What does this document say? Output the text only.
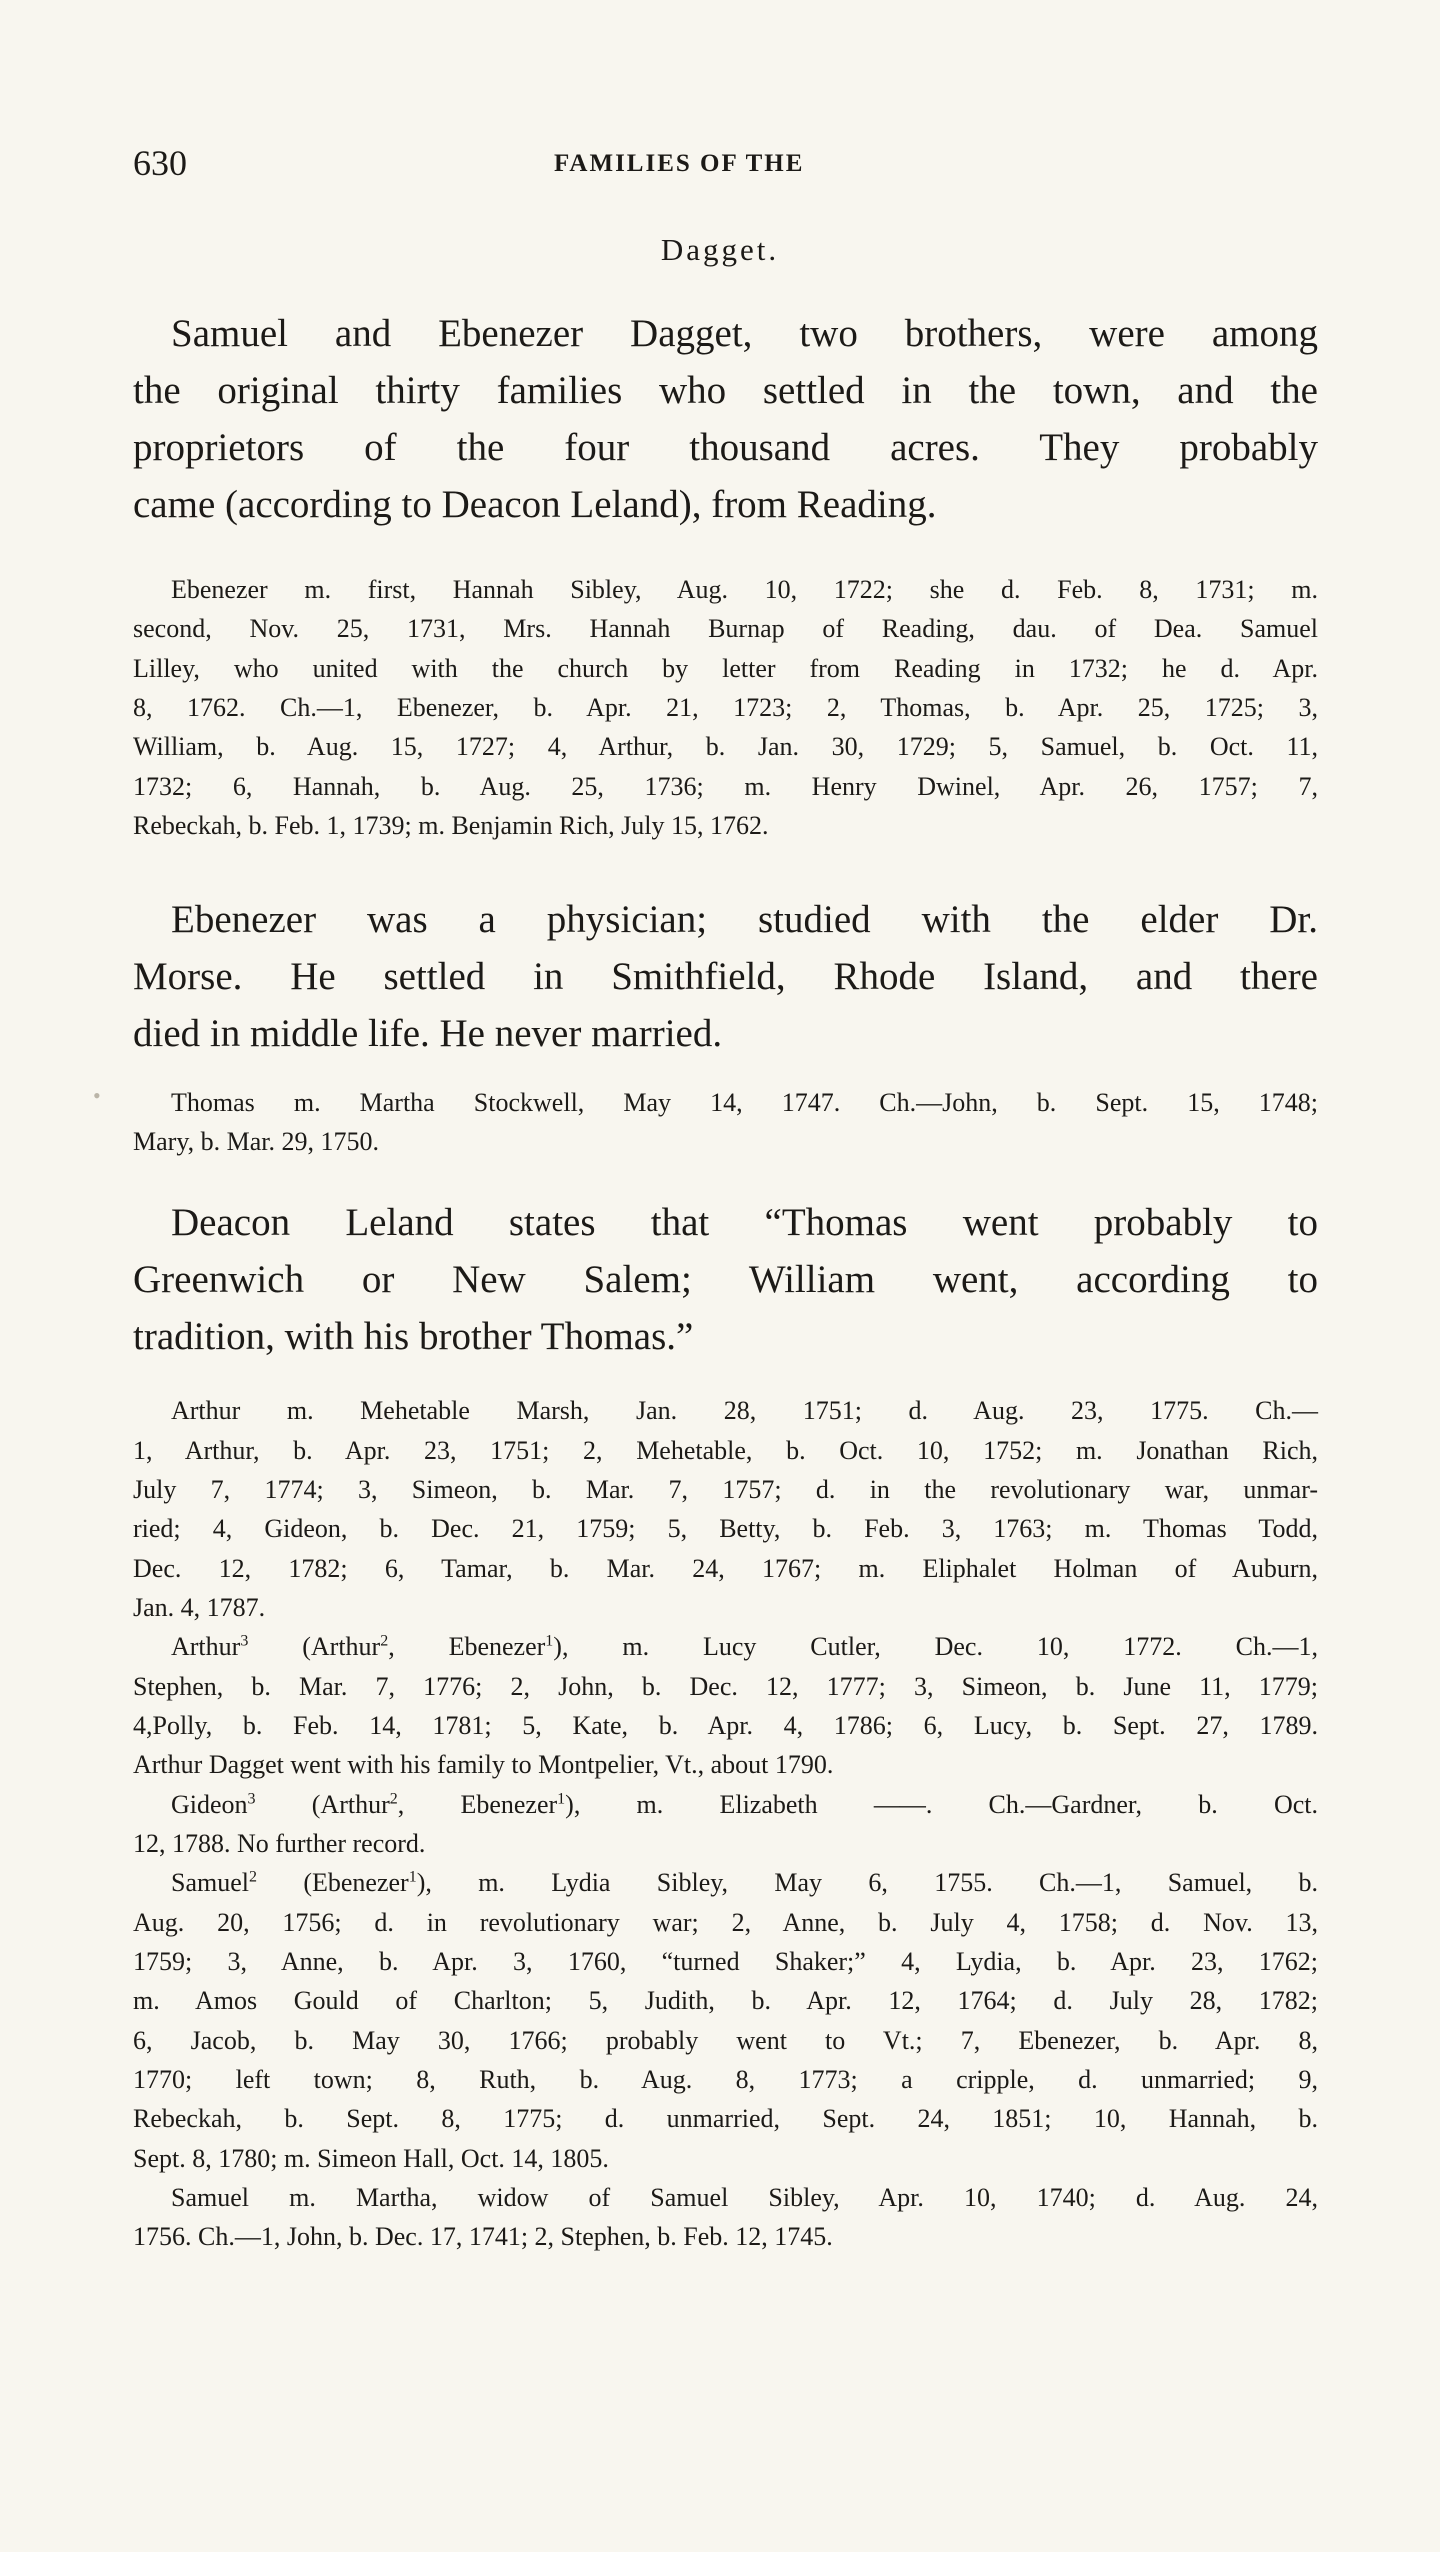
630	FAMILIES OF THE
Dagget.
Samuel and Ebenezer Dagget, two brothers, were among
the original thirty families who settled in the town, and the
proprietors of the four thousand acres. They probably
came (according to Deacon Leland), from Reading.
Ebenezer m. first, Hannah Sibley, Aug. 10, 1722; she d. Feb. 8, 1731; m.
second, Nov. 25, 1731, Mrs. Hannah Burnap of Reading, dau. of Dea. Samuel
Lilley, who united with the church by letter from Reading in 1732; he d. Apr.
8, 1762. Ch.—1, Ebenezer, b. Apr. 21, 1723; 2, Thomas, b. Apr. 25, 1725; 3,
William, b. Aug. 15, 1727; 4, Arthur, b. Jan. 30, 1729; 5, Samuel, b. Oct. 11,
1732; 6, Hannah, b. Aug. 25, 1736; m. Henry Dwinel, Apr. 26, 1757; 7,
Rebeckah, b. Feb. 1, 1739; m. Benjamin Rich, July 15, 1762.
Ebenezer was a physician; studied with the elder Dr.
Morse. He settled in Smithfield, Rhode Island, and there
died in middle life. He never married.
•	Thomas m. Martha Stockwell, May 14, 1747. Ch.—John, b. Sept. 15, 1748;
Mary, b. Mar. 29, 1750.
Deacon Leland states that “Thomas went probably to
Greenwich or New Salem; William went, according to
tradition, with his brother Thomas.”
Arthur m. Mehetable Marsh, Jan. 28, 1751; d. Aug. 23, 1775. Ch.—
1, Arthur, b. Apr. 23, 1751; 2, Mehetable, b. Oct. 10, 1752; m. Jonathan Rich,
July 7, 1774; 3, Simeon, b. Mar. 7, 1757; d. in the revolutionary war, unmar-
ried; 4, Gideon, b. Dec. 21, 1759; 5, Betty, b. Feb. 3, 1763; m. Thomas Todd,
Dec. 12, 1782; 6, Tamar, b. Mar. 24, 1767; m. Eliphalet Holman of Auburn,
Jan. 4, 1787.
Arthur$^3$ (Arthur$^2$, Ebenezer$^1$), m. Lucy Cutler, Dec. 10, 1772. Ch.—1,
Stephen, b. Mar. 7, 1776; 2, John, b. Dec. 12, 1777; 3, Simeon, b. June 11, 1779;
4,Polly, b. Feb. 14, 1781; 5, Kate, b. Apr. 4, 1786; 6, Lucy, b. Sept. 27, 1789.
Arthur Dagget went with his family to Montpelier, Vt., about 1790.
Gideon$^3$ (Arthur$^2$, Ebenezer$^1$), m. Elizabeth ——. Ch.—Gardner, b. Oct.
12, 1788. No further record.
Samuel$^2$ (Ebenezer$^1$), m. Lydia Sibley, May 6, 1755. Ch.—1, Samuel, b.
Aug. 20, 1756; d. in revolutionary war; 2, Anne, b. July 4, 1758; d. Nov. 13,
1759; 3, Anne, b. Apr. 3, 1760, “turned Shaker;” 4, Lydia, b. Apr. 23, 1762;
m. Amos Gould of Charlton; 5, Judith, b. Apr. 12, 1764; d. July 28, 1782;
6, Jacob, b. May 30, 1766; probably went to Vt.; 7, Ebenezer, b. Apr. 8,
1770; left town; 8, Ruth, b. Aug. 8, 1773; a cripple, d. unmarried; 9,
Rebeckah, b. Sept. 8, 1775; d. unmarried, Sept. 24, 1851; 10, Hannah, b.
Sept. 8, 1780; m. Simeon Hall, Oct. 14, 1805.
Samuel m. Martha, widow of Samuel Sibley, Apr. 10, 1740; d. Aug. 24,
1756. Ch.—1, John, b. Dec. 17, 1741; 2, Stephen, b. Feb. 12, 1745.
